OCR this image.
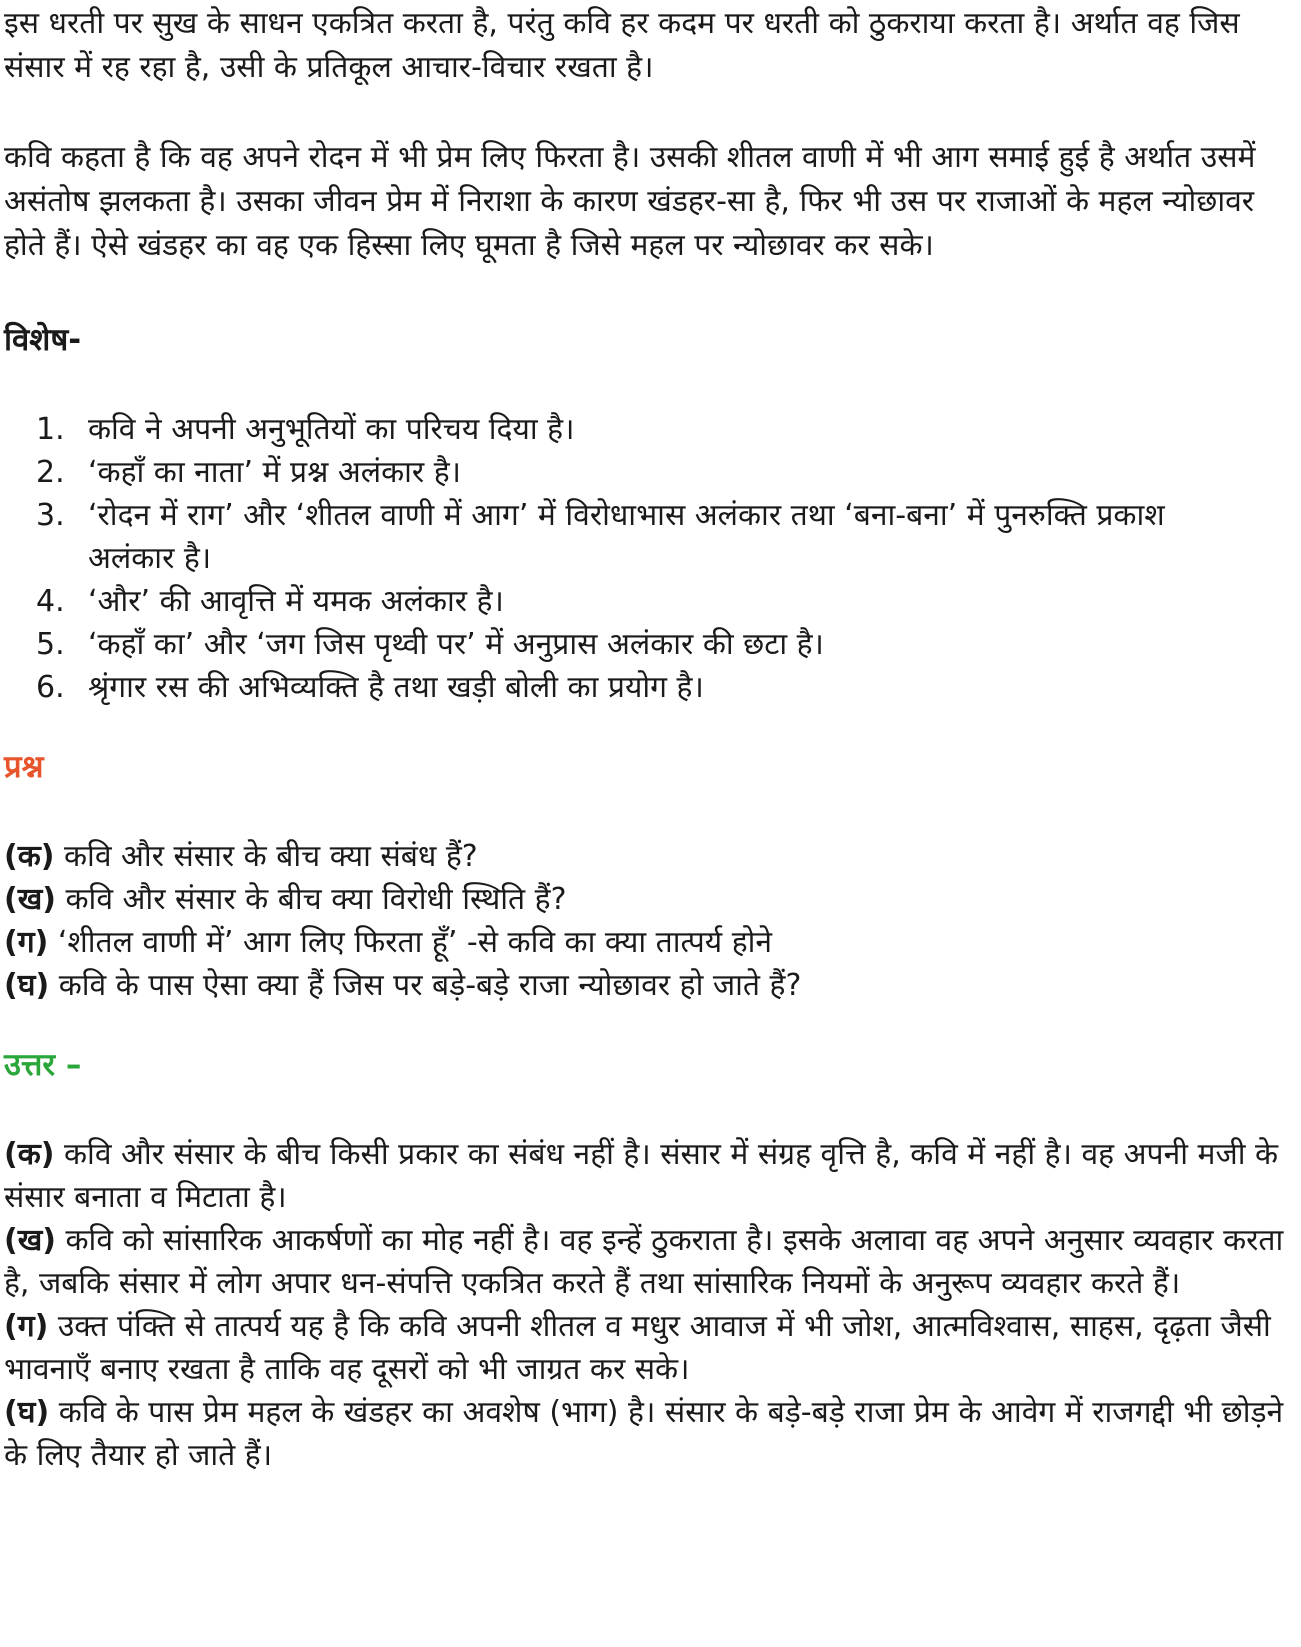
इस धरती पर सुख के साधन एकत्रित करता है, परंतु कवि हर कदम पर धरती को ठुकराया करता है। अर्थात वह जिस संसार में रह रहा है, उसी के प्रतिकूल आचार-विचार रखता है।

कवि कहता है कि वह अपने रोदन में भी प्रेम लिए फिरता है। उसकी शीतल वाणी में भी आग समाई हुई है अर्थात उसमें असंतोष झलकता है। उसका जीवन प्रेम में निराशा के कारण खंडहर-सा है, फिर भी उस पर राजाओं के महल न्योछावर होते हैं। ऐसे खंडहर का वह एक हिस्सा लिए घूमता है जिसे महल पर न्योछावर कर सके।

विशेष-

1. कवि ने अपनी अनुभूतियों का परिचय दिया है।
2. ‘कहाँ का नाता’ में प्रश्न अलंकार है।
3. ‘रोदन में राग’ और ‘शीतल वाणी में आग’ में विरोधाभास अलंकार तथा ‘बना-बना’ में पुनरुक्ति प्रकाश अलंकार है।
4. ‘और’ की आवृत्ति में यमक अलंकार है।
5. ‘कहाँ का’ और ‘जग जिस पृथ्वी पर’ में अनुप्रास अलंकार की छटा है।
6. श्रृंगार रस की अभिव्यक्ति है तथा खड़ी बोली का प्रयोग है।

प्रश्न

(क) कवि और संसार के बीच क्या संबंध हैं?

(ख) कवि और संसार के बीच क्या विरोधी स्थिति हैं?

(ग) ‘शीतल वाणी में’ आग लिए फिरता हूँ’ -से कवि का क्या तात्पर्य होने

(घ) कवि के पास ऐसा क्या हैं जिस पर बड़े-बड़े राजा न्योछावर हो जाते हैं?

उत्तर –

(क) कवि और संसार के बीच किसी प्रकार का संबंध नहीं है। संसार में संग्रह वृत्ति है, कवि में नहीं है। वह अपनी मजी के संसार बनाता व मिटाता है।

(ख) कवि को सांसारिक आकर्षणों का मोह नहीं है। वह इन्हें ठुकराता है। इसके अलावा वह अपने अनुसार व्यवहार करता है, जबकि संसार में लोग अपार धन-संपत्ति एकत्रित करते हैं तथा सांसारिक नियमों के अनुरूप व्यवहार करते हैं।

(ग) उक्त पंक्ति से तात्पर्य यह है कि कवि अपनी शीतल व मधुर आवाज में भी जोश, आत्मविश्वास, साहस, दृढ़ता जैसी भावनाएँ बनाए रखता है ताकि वह दूसरों को भी जाग्रत कर सके।

(घ) कवि के पास प्रेम महल के खंडहर का अवशेष (भाग) है। संसार के बड़े-बड़े राजा प्रेम के आवेग में राजगद्दी भी छोड़ने के लिए तैयार हो जाते हैं।
